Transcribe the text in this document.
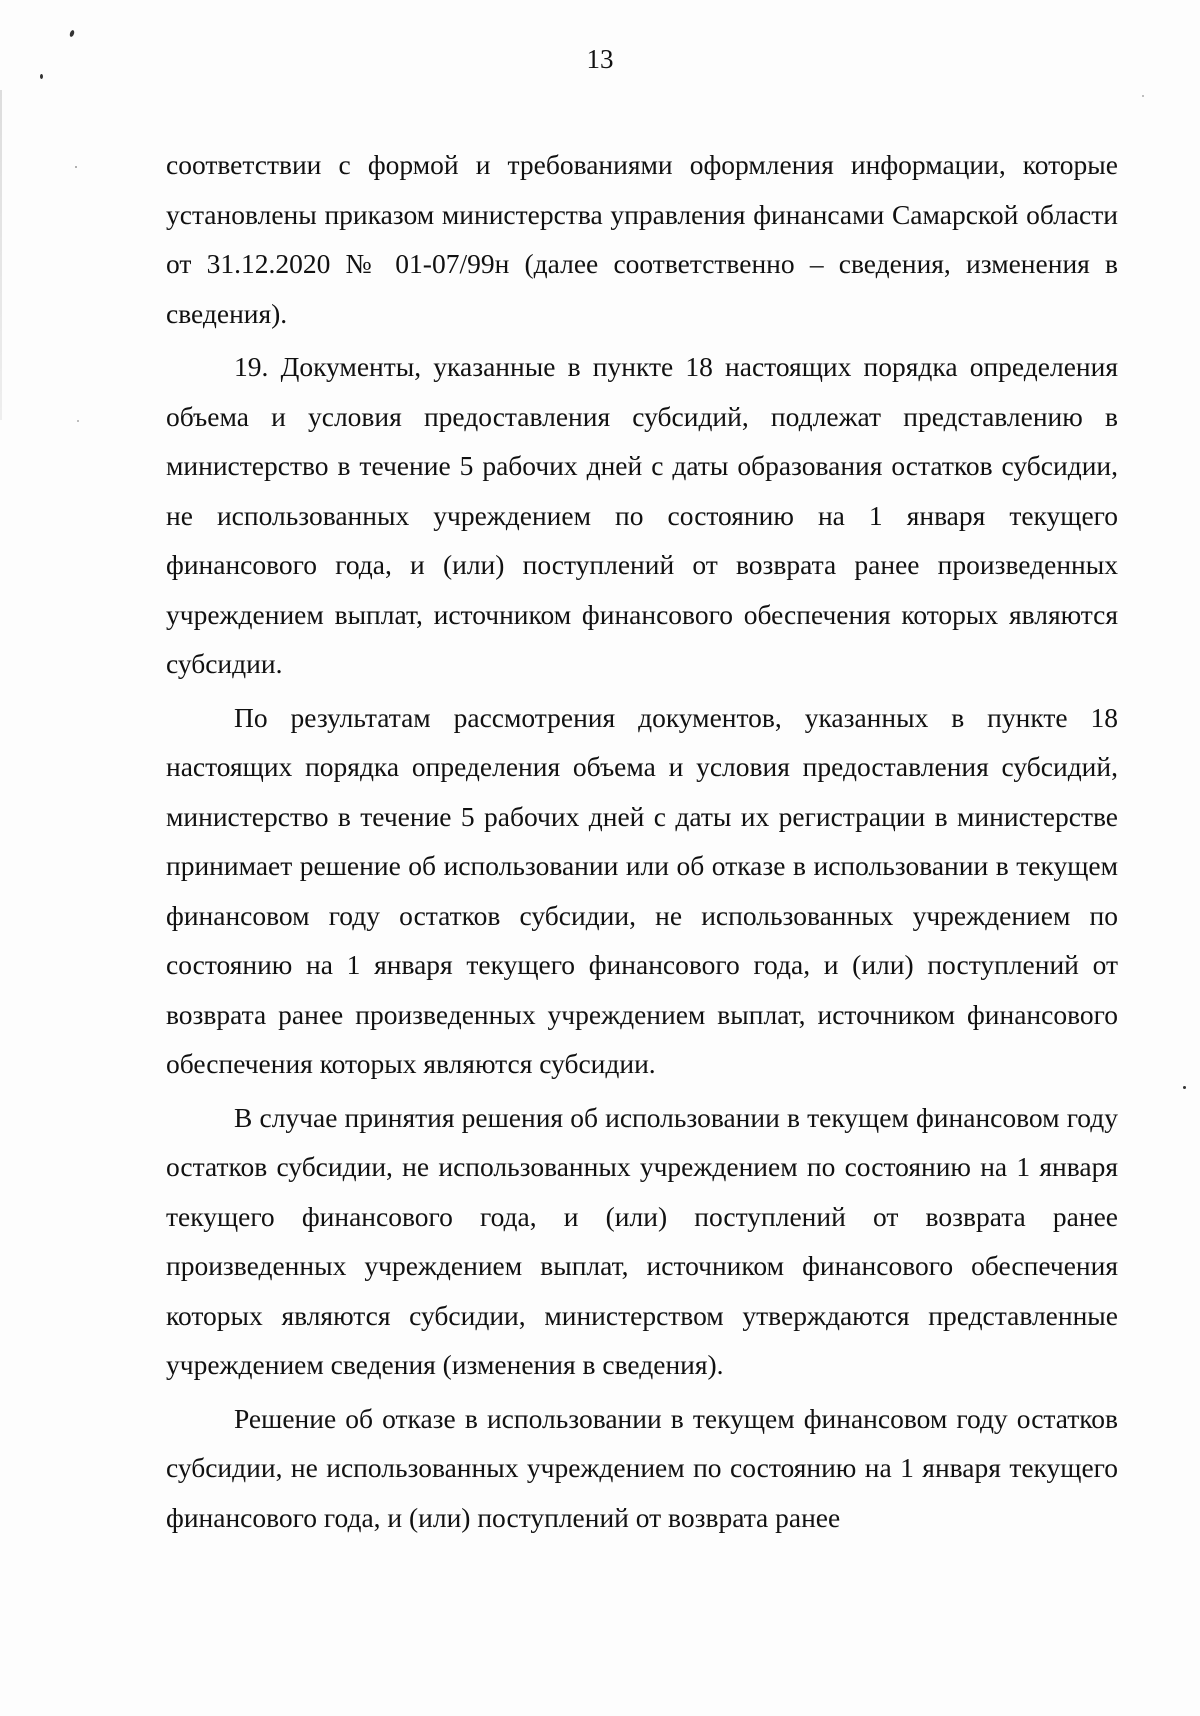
13

соответствии с формой и требованиями оформления информации, которые установлены приказом министерства управления финансами Самарской области от 31.12.2020 № 01-07/99н (далее соответственно – сведения, изменения в сведения).

19. Документы, указанные в пункте 18 настоящих порядка определения объема и условия предоставления субсидий, подлежат представлению в министерство в течение 5 рабочих дней с даты образования остатков субсидии, не использованных учреждением по состоянию на 1 января текущего финансового года, и (или) поступлений от возврата ранее произведенных учреждением выплат, источником финансового обеспечения которых являются субсидии.

По результатам рассмотрения документов, указанных в пункте 18 настоящих порядка определения объема и условия предоставления субсидий, министерство в течение 5 рабочих дней с даты их регистрации в министерстве принимает решение об использовании или об отказе в использовании в текущем финансовом году остатков субсидии, не использованных учреждением по состоянию на 1 января текущего финансового года, и (или) поступлений от возврата ранее произведенных учреждением выплат, источником финансового обеспечения которых являются субсидии.

В случае принятия решения об использовании в текущем финансовом году остатков субсидии, не использованных учреждением по состоянию на 1 января текущего финансового года, и (или) поступлений от возврата ранее произведенных учреждением выплат, источником финансового обеспечения которых являются субсидии, министерством утверждаются представленные учреждением сведения (изменения в сведения).

Решение об отказе в использовании в текущем финансовом году остатков субсидии, не использованных учреждением по состоянию на 1 января текущего финансового года, и (или) поступлений от возврата ранее
